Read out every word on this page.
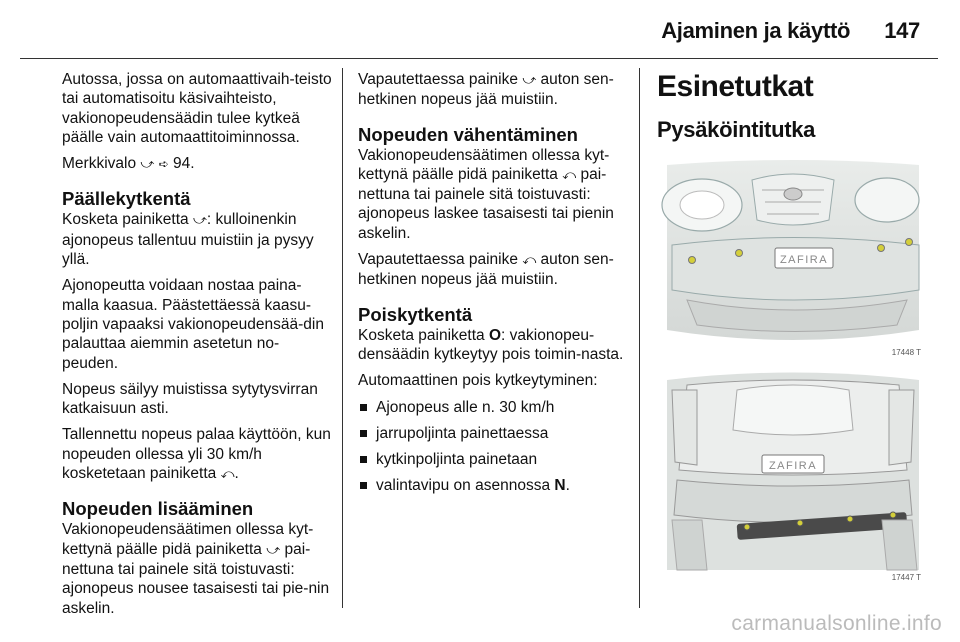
Ajaminen ja käyttö 147

Autossa, jossa on automaattivaih-teisto tai automatisoitu käsivaihteisto, vakionopeudensäädin tulee kytkeä päälle vain automaattitoiminnossa.

Merkkivalo ⤻ ➪ 94.

Päällekytkentä

Kosketa painiketta ⤻: kulloinenkin ajonopeus tallentuu muistiin ja pysyy yllä.

Ajonopeutta voidaan nostaa paina-malla kaasua. Päästettäessä kaasu-poljin vapaaksi vakionopeudensää-din palauttaa aiemmin asetetun no-peuden.

Nopeus säilyy muistissa sytytysvirran katkaisuun asti.

Tallennettu nopeus palaa käyttöön, kun nopeuden ollessa yli 30 km/h kosketetaan painiketta ⤺.

Nopeuden lisääminen

Vakionopeudensäätimen ollessa kyt-kettynä päälle pidä painiketta ⤻ pai-nettuna tai painele sitä toistuvasti: ajonopeus nousee tasaisesti tai pie-nin askelin.

Vapautettaessa painike ⤻ auton sen-hetkinen nopeus jää muistiin.

Nopeuden vähentäminen

Vakionopeudensäätimen ollessa kyt-kettynä päälle pidä painiketta ⤺ pai-nettuna tai painele sitä toistuvasti: ajonopeus laskee tasaisesti tai pienin askelin.

Vapautettaessa painike ⤺ auton sen-hetkinen nopeus jää muistiin.

Poiskytkentä

Kosketa painiketta O: vakionopeu-densäädin kytkeytyy pois toimin-nasta.

Automaattinen pois kytkeytyminen:

Ajonopeus alle n. 30 km/h
jarrupoljinta painettaessa
kytkinpoljinta painetaan
valintavipu on asennossa N.
Esinetutkat
Pysäköintitutka
ZAFIRA
17448 T
ZAFIRA
17447 T
carmanualsonline.info
